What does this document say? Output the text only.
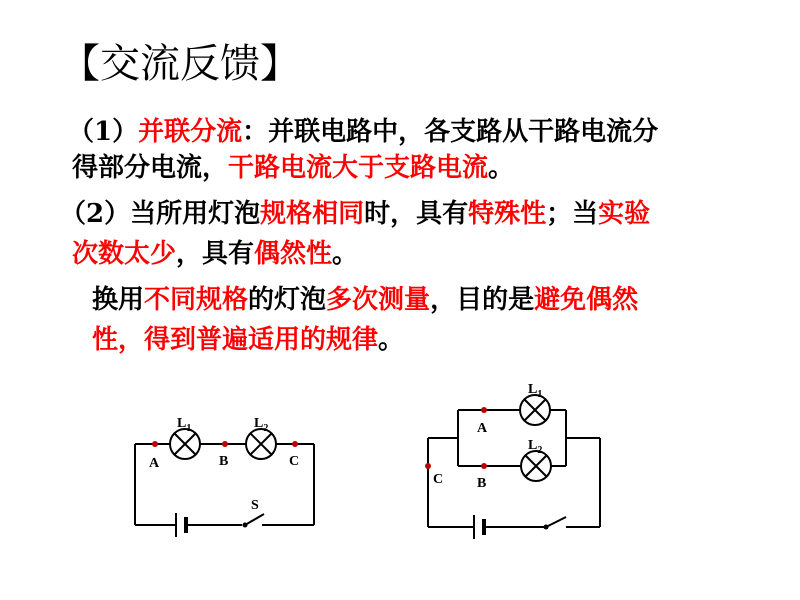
【交流反馈】
（1）并联分流：并联电路中，各支路从干路电流分
得部分电流，干路电流大于支路电流。
（2）当所用灯泡规格相同时，具有特殊性；当实验
次数太少，具有偶然性。
换用不同规格的灯泡多次测量，目的是避免偶然
性，得到普遍适用的规律。
$L_1$	$L_2$
A	B	C
S
$L_1$
$L_2$
A
B
C
